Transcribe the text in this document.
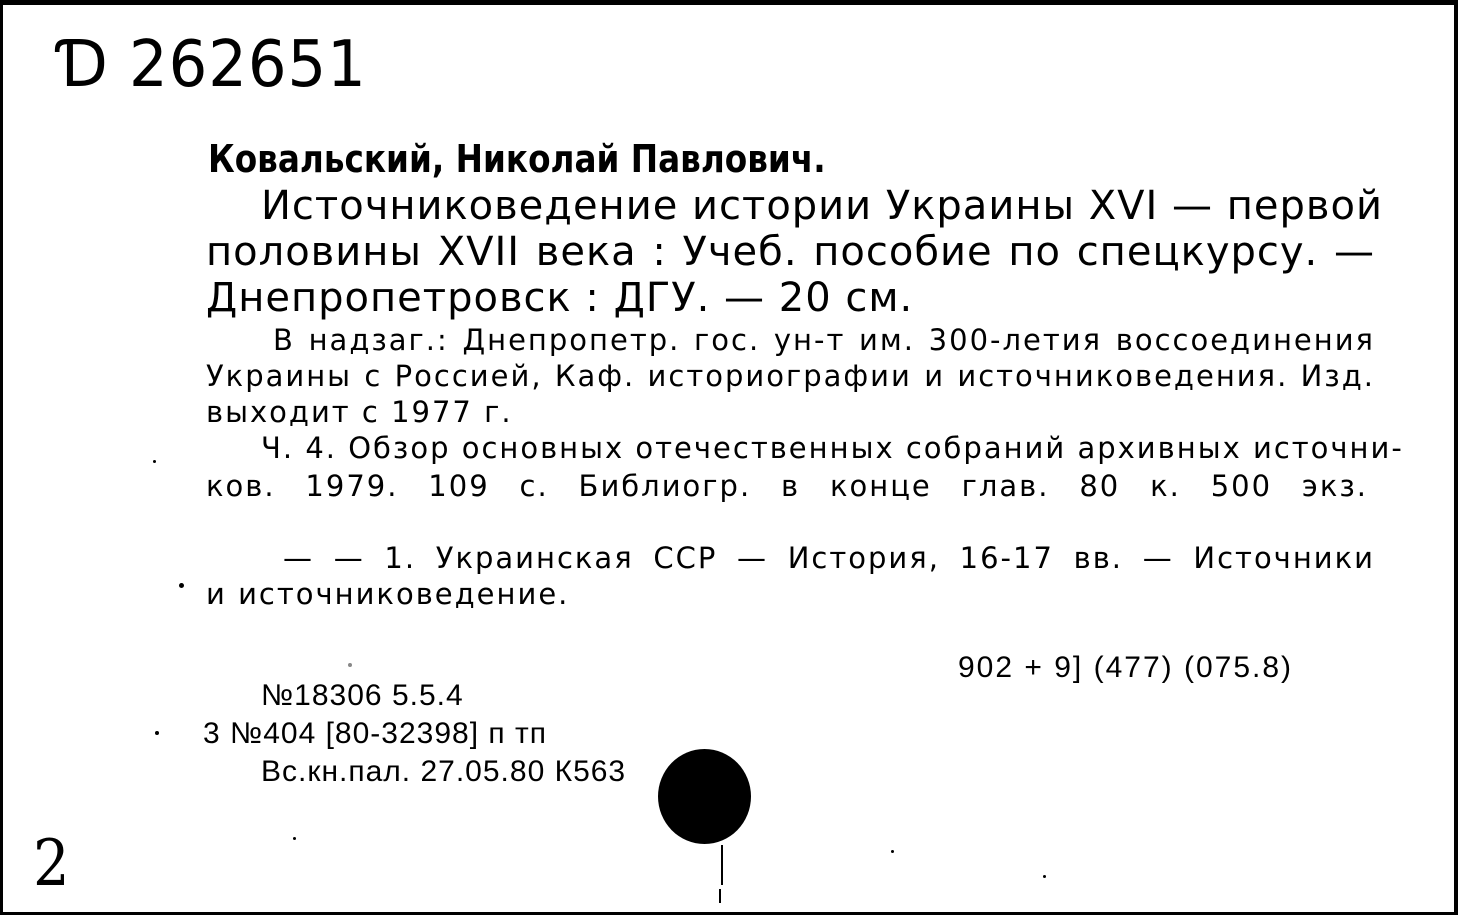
Ɗ 262651
Ковальский, Николай Павлович.
Источниковедение истории Украины XVI — первой
половины XVII века : Учеб. пособие по спецкурсу. —
Днепропетровск : ДГУ. — 20 см.
В надзаг.: Днепропетр. гос. ун-т им. 300-летия воссоединения
Украины с Россией, Каф. историографии и источниковедения. Изд.
выходит с 1977 г.
Ч. 4. Обзор основных отечественных собраний архивных источни-
ков. 1979. 109 с. Библиогр. в конце глав. 80 к. 500 экз.
— — 1. Украинская ССР — История, 16-17 вв. — Источники
и источниковедение.
902 + 9] (477) (075.8)
№18306 5.5.4
3 №404 [80-32398] п тп
Вс.кн.пал. 27.05.80 К563
2
